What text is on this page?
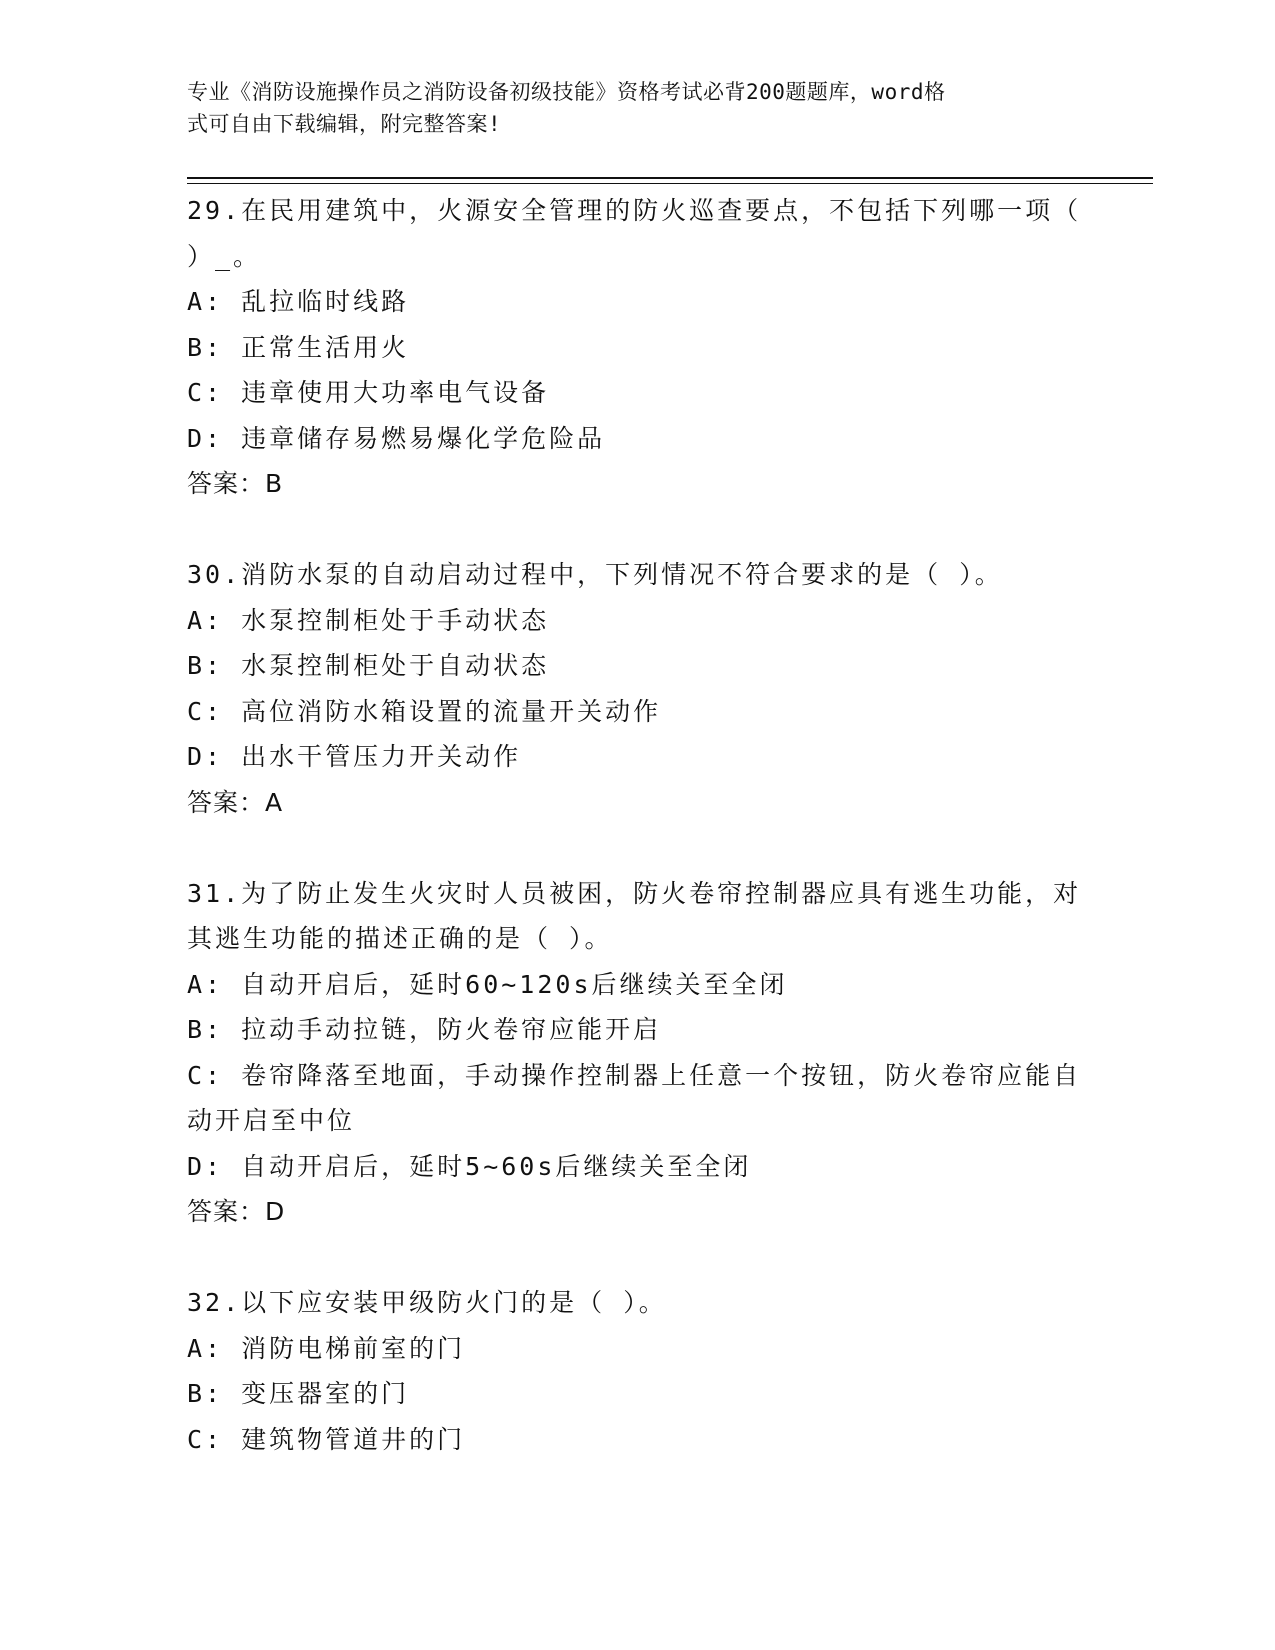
专业《消防设施操作员之消防设备初级技能》资格考试必背200题题库，word格
式可自由下载编辑，附完整答案!

29.在民用建筑中，火源安全管理的防火巡查要点，不包括下列哪一项（ ）_。

A: 乱拉临时线路

B: 正常生活用火

C: 违章使用大功率电气设备

D: 违章储存易燃易爆化学危险品

答案：B

30.消防水泵的自动启动过程中，下列情况不符合要求的是（ ）。

A: 水泵控制柜处于手动状态

B: 水泵控制柜处于自动状态

C: 高位消防水箱设置的流量开关动作

D: 出水干管压力开关动作

答案：A

31.为了防止发生火灾时人员被困，防火卷帘控制器应具有逃生功能，对其逃生功能的描述正确的是（ ）。

A: 自动开启后，延时60~120s后继续关至全闭

B: 拉动手动拉链，防火卷帘应能开启

C: 卷帘降落至地面，手动操作控制器上任意一个按钮，防火卷帘应能自动开启至中位

D: 自动开启后，延时5~60s后继续关至全闭

答案：D

32.以下应安装甲级防火门的是（ ）。

A: 消防电梯前室的门

B: 变压器室的门

C: 建筑物管道井的门
